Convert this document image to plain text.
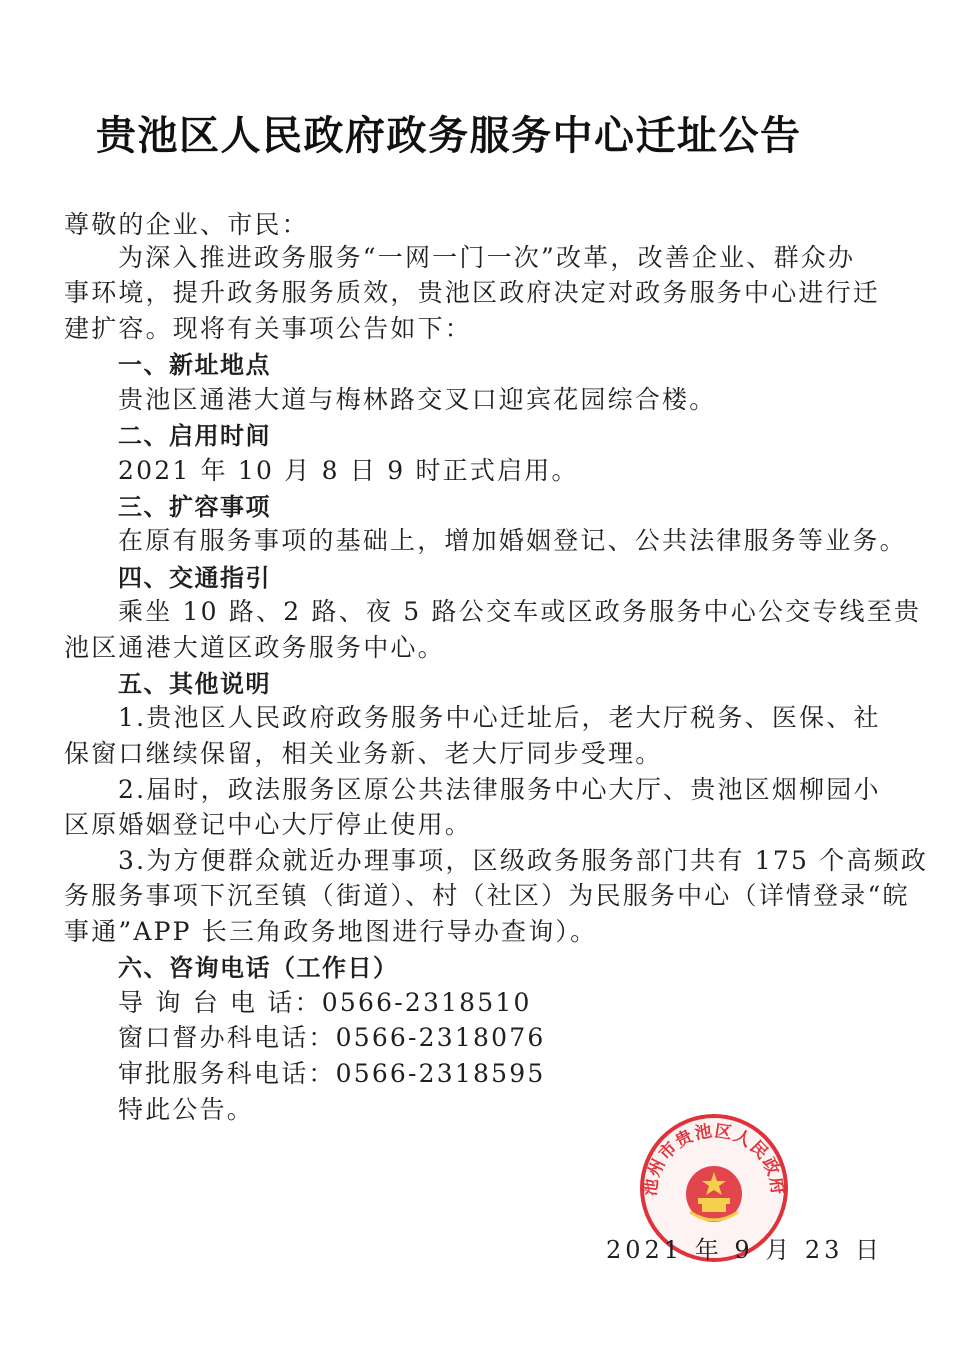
贵池区人民政府政务服务中心迁址公告
尊敬的企业、市民：
为深入推进政务服务“一网一门一次”改革，改善企业、群众办
事环境，提升政务服务质效，贵池区政府决定对政务服务中心进行迁
建扩容。现将有关事项公告如下：
一、新址地点
贵池区通港大道与梅林路交叉口迎宾花园综合楼。
二、启用时间
2021 年 10 月 8 日 9 时正式启用。
三、扩容事项
在原有服务事项的基础上，增加婚姻登记、公共法律服务等业务。
四、交通指引
乘坐 10 路、2 路、夜 5 路公交车或区政务服务中心公交专线至贵
池区通港大道区政务服务中心。
五、其他说明
1.贵池区人民政府政务服务中心迁址后，老大厅税务、医保、社
保窗口继续保留，相关业务新、老大厅同步受理。
2.届时，政法服务区原公共法律服务中心大厅、贵池区烟柳园小
区原婚姻登记中心大厅停止使用。
3.为方便群众就近办理事项，区级政务服务部门共有 175 个高频政
务服务事项下沉至镇（街道）、村（社区）为民服务中心（详情登录“皖
事通”APP 长三角政务地图进行导办查询）。
六、咨询电话（工作日）
导 询 台 电 话：0566-2318510
窗口督办科电话：0566-2318076
审批服务科电话：0566-2318595
特此公告。
池州市贵池区人民政府
2021 年 9 月 23 日
